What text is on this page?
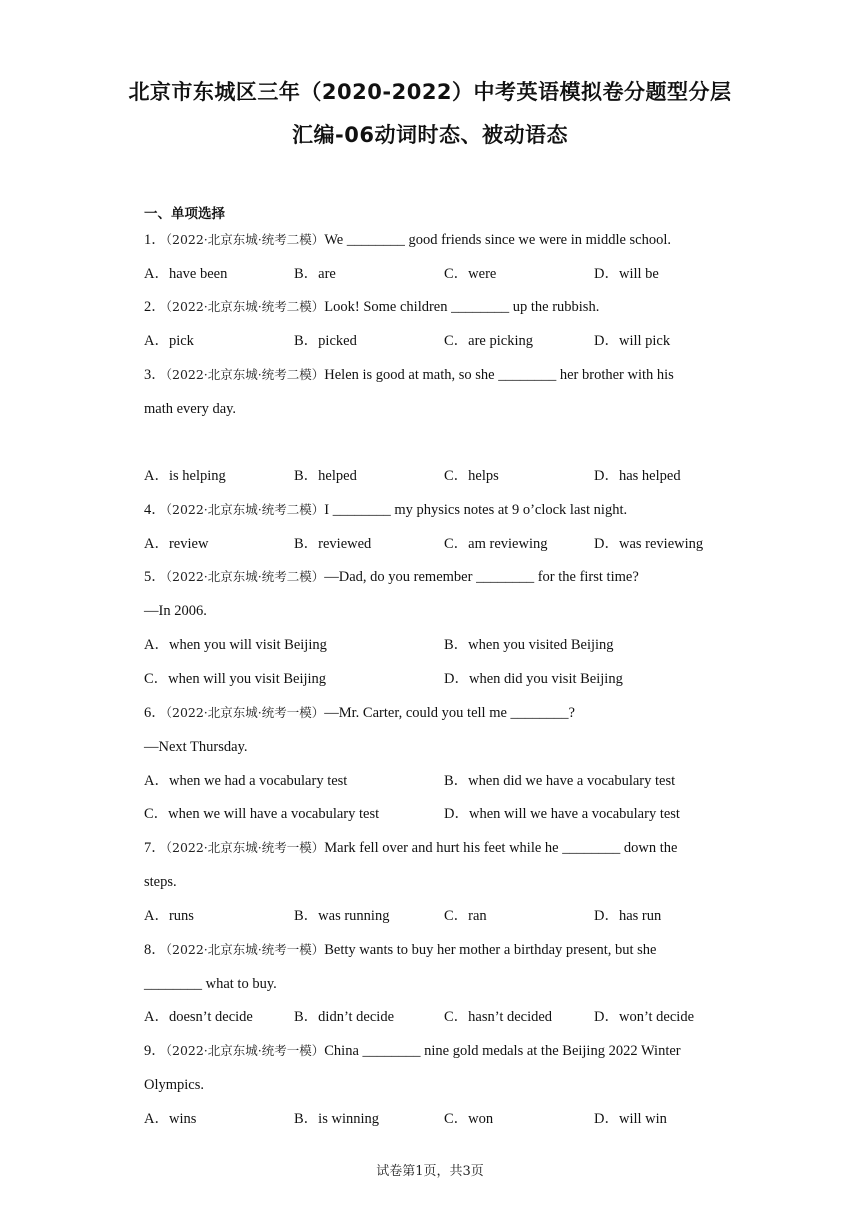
北京市东城区三年（2020-2022）中考英语模拟卷分题型分层
汇编-06动词时态、被动语态
一、单项选择
1．（2022·北京东城·统考二模）We ________ good friends since we were in middle school.
A．have been	B．are	C．were	D．will be
2．（2022·北京东城·统考二模）Look! Some children ________ up the rubbish.
A．pick	B．picked	C．are picking	D．will pick
3．（2022·北京东城·统考二模）Helen is good at math, so she ________ her brother with his
math every day.
A．is helping	B．helped	C．helps	D．has helped
4．（2022·北京东城·统考二模）I ________ my physics notes at 9 o’clock last night.
A．review	B．reviewed	C．am reviewing	D．was reviewing
5．（2022·北京东城·统考二模）—Dad, do you remember ________ for the first time?
—In 2006.
A．when you will visit Beijing	B．when you visited Beijing
C．when will you visit Beijing	D．when did you visit Beijing
6．（2022·北京东城·统考一模）—Mr. Carter, could you tell me ________?
—Next Thursday.
A．when we had a vocabulary test	B．when did we have a vocabulary test
C．when we will have a vocabulary test	D．when will we have a vocabulary test
7．（2022·北京东城·统考一模）Mark fell over and hurt his feet while he ________ down the
steps.
A．runs	B．was running	C．ran	D．has run
8．（2022·北京东城·统考一模）Betty wants to buy her mother a birthday present, but she
________ what to buy.
A．doesn’t decide	B．didn’t decide	C．hasn’t decided	D．won’t decide
9．（2022·北京东城·统考一模）China ________ nine gold medals at the Beijing 2022 Winter
Olympics.
A．wins	B．is winning	C．won	D．will win
试卷第1页，共3页
